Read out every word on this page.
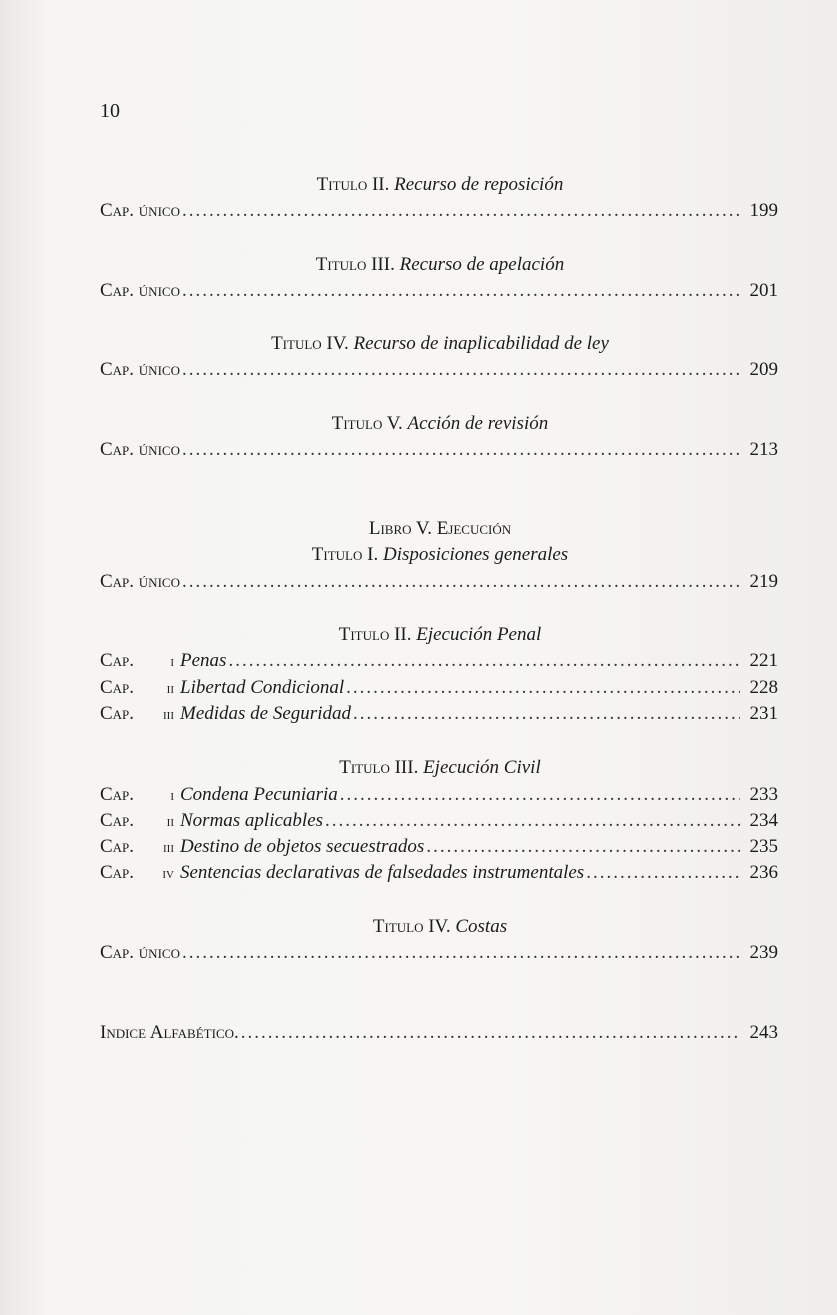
10
Titulo II. Recurso de reposición
Cap. único .....	199
Titulo III. Recurso de apelación
Cap. único .....	201
Titulo IV. Recurso de inaplicabilidad de ley
Cap. único .....	209
Titulo V. Acción de revisión
Cap. único .....	213
Libro V. Ejecución
Titulo I. Disposiciones generales
Cap. único .....	219
Titulo II. Ejecución Penal
Cap. i Penas .....	221
Cap. ii Libertad Condicional .....	228
Cap. iii Medidas de Seguridad .....	231
Titulo III. Ejecución Civil
Cap. i Condena Pecuniaria .....	233
Cap. ii Normas aplicables .....	234
Cap. iii Destino de objetos secuestrados .....	235
Cap. iv Sentencias declarativas de falsedades instrumentales .....	236
Titulo IV. Costas
Cap. único .....	239
Indice Alfabético. .....	243
